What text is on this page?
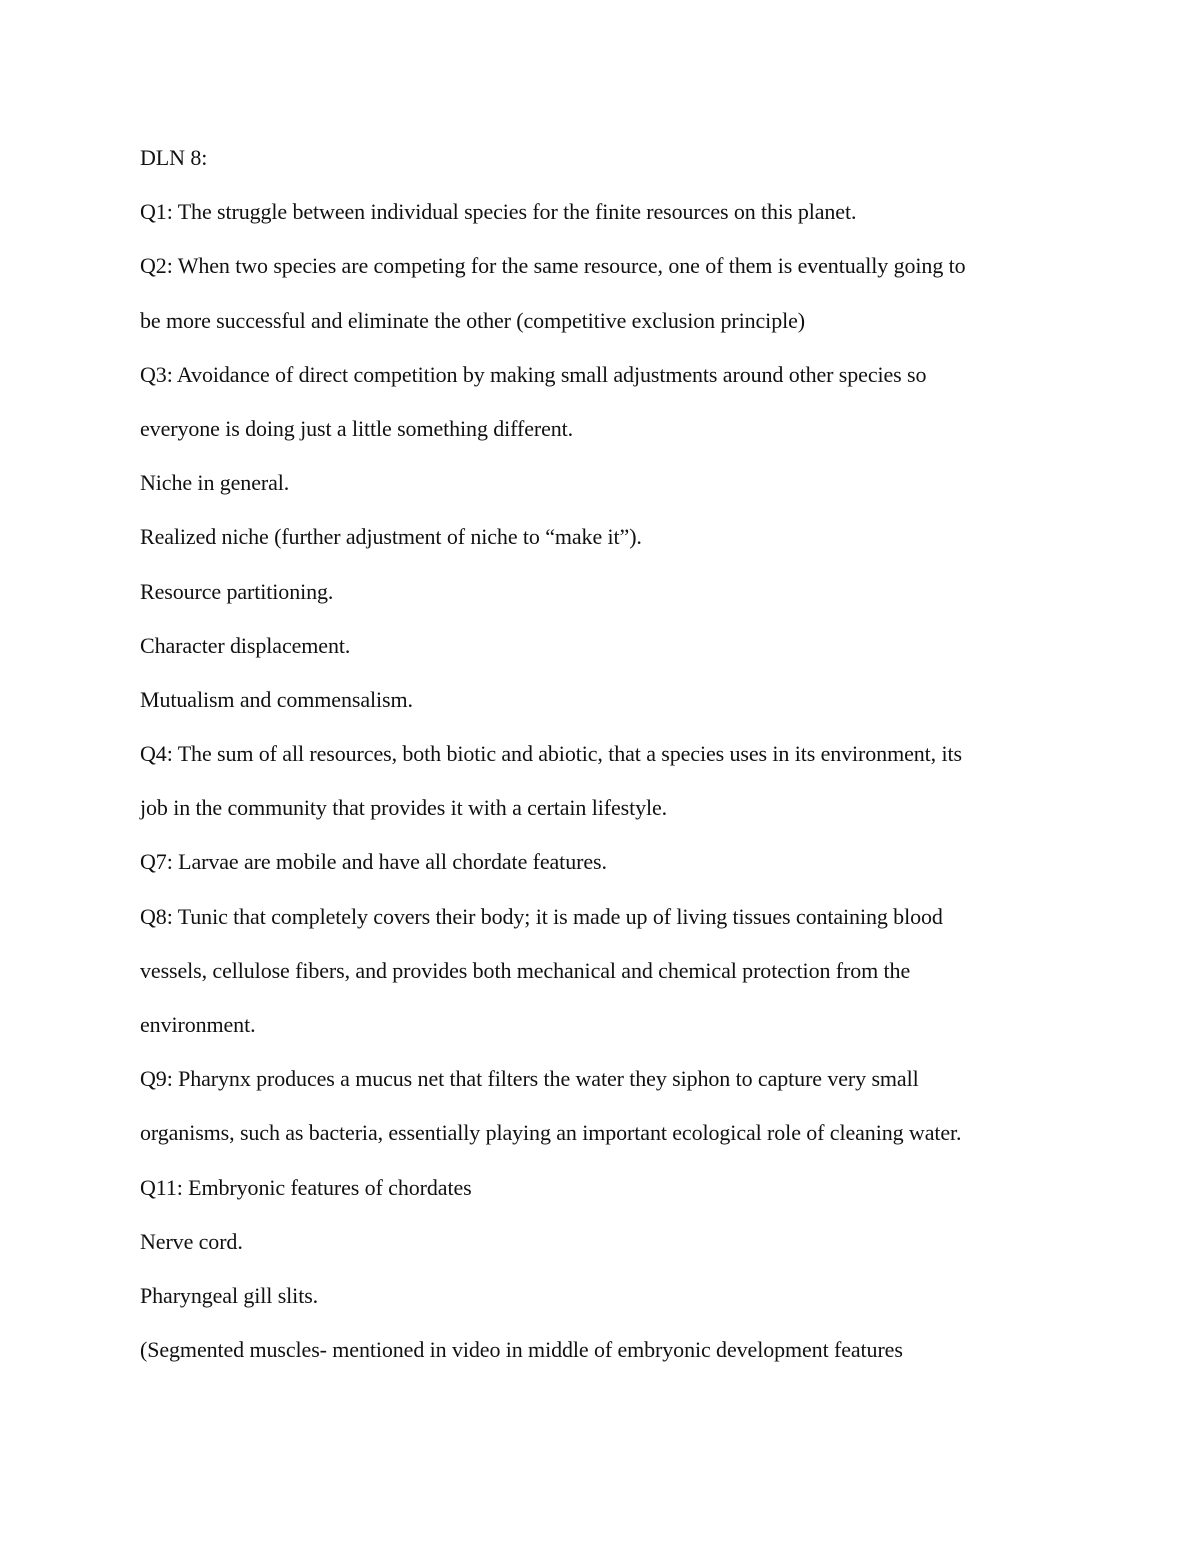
DLN 8:
Q1: The struggle between individual species for the finite resources on this planet.
Q2: When two species are competing for the same resource, one of them is eventually going to
be more successful and eliminate the other (competitive exclusion principle)
Q3: Avoidance of direct competition by making small adjustments around other species so
everyone is doing just a little something different.
Niche in general.
Realized niche (further adjustment of niche to “make it”).
Resource partitioning.
Character displacement.
Mutualism and commensalism.
Q4: The sum of all resources, both biotic and abiotic, that a species uses in its environment, its
job in the community that provides it with a certain lifestyle.
Q7: Larvae are mobile and have all chordate features.
Q8: Tunic that completely covers their body; it is made up of living tissues containing blood
vessels, cellulose fibers, and provides both mechanical and chemical protection from the
environment.
Q9: Pharynx produces a mucus net that filters the water they siphon to capture very small
organisms, such as bacteria, essentially playing an important ecological role of cleaning water.
Q11: Embryonic features of chordates
Nerve cord.
Pharyngeal gill slits.
(Segmented muscles- mentioned in video in middle of embryonic development features
